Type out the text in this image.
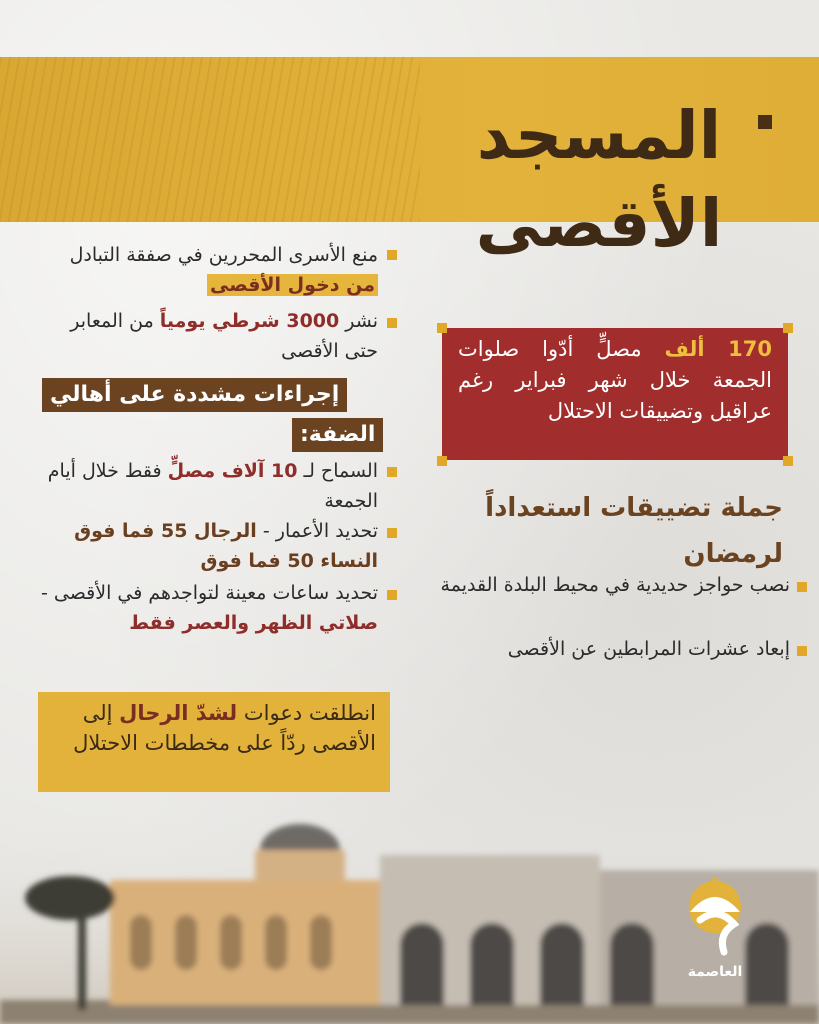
المسجد
الأقصى
منع الأسرى المحررين في صفقة التبادل من دخول الأقصى
نشر 3000 شرطي يومياً من المعابر حتى الأقصى
إجراءات مشددة على أهالي
الضفة:
السماح لـ 10 آلاف مصلٍّ فقط خلال أيام الجمعة
تحديد الأعمار - الرجال 55 فما فوق النساء 50 فما فوق
تحديد ساعات معينة لتواجدهم في الأقصى - صلاتي الظهر والعصر فقط
انطلقت دعوات لشدّ الرحال إلى الأقصى ردّاً على مخططات الاحتلال
170 ألف مصلٍّ أدّوا صلوات الجمعة خلال شهر فبراير رغم عراقيل وتضييقات الاحتلال
جملة تضييقات استعداداً لرمضان
نصب حواجز حديدية في محيط البلدة القديمة
إبعاد عشرات المرابطين عن الأقصى
العاصمة
